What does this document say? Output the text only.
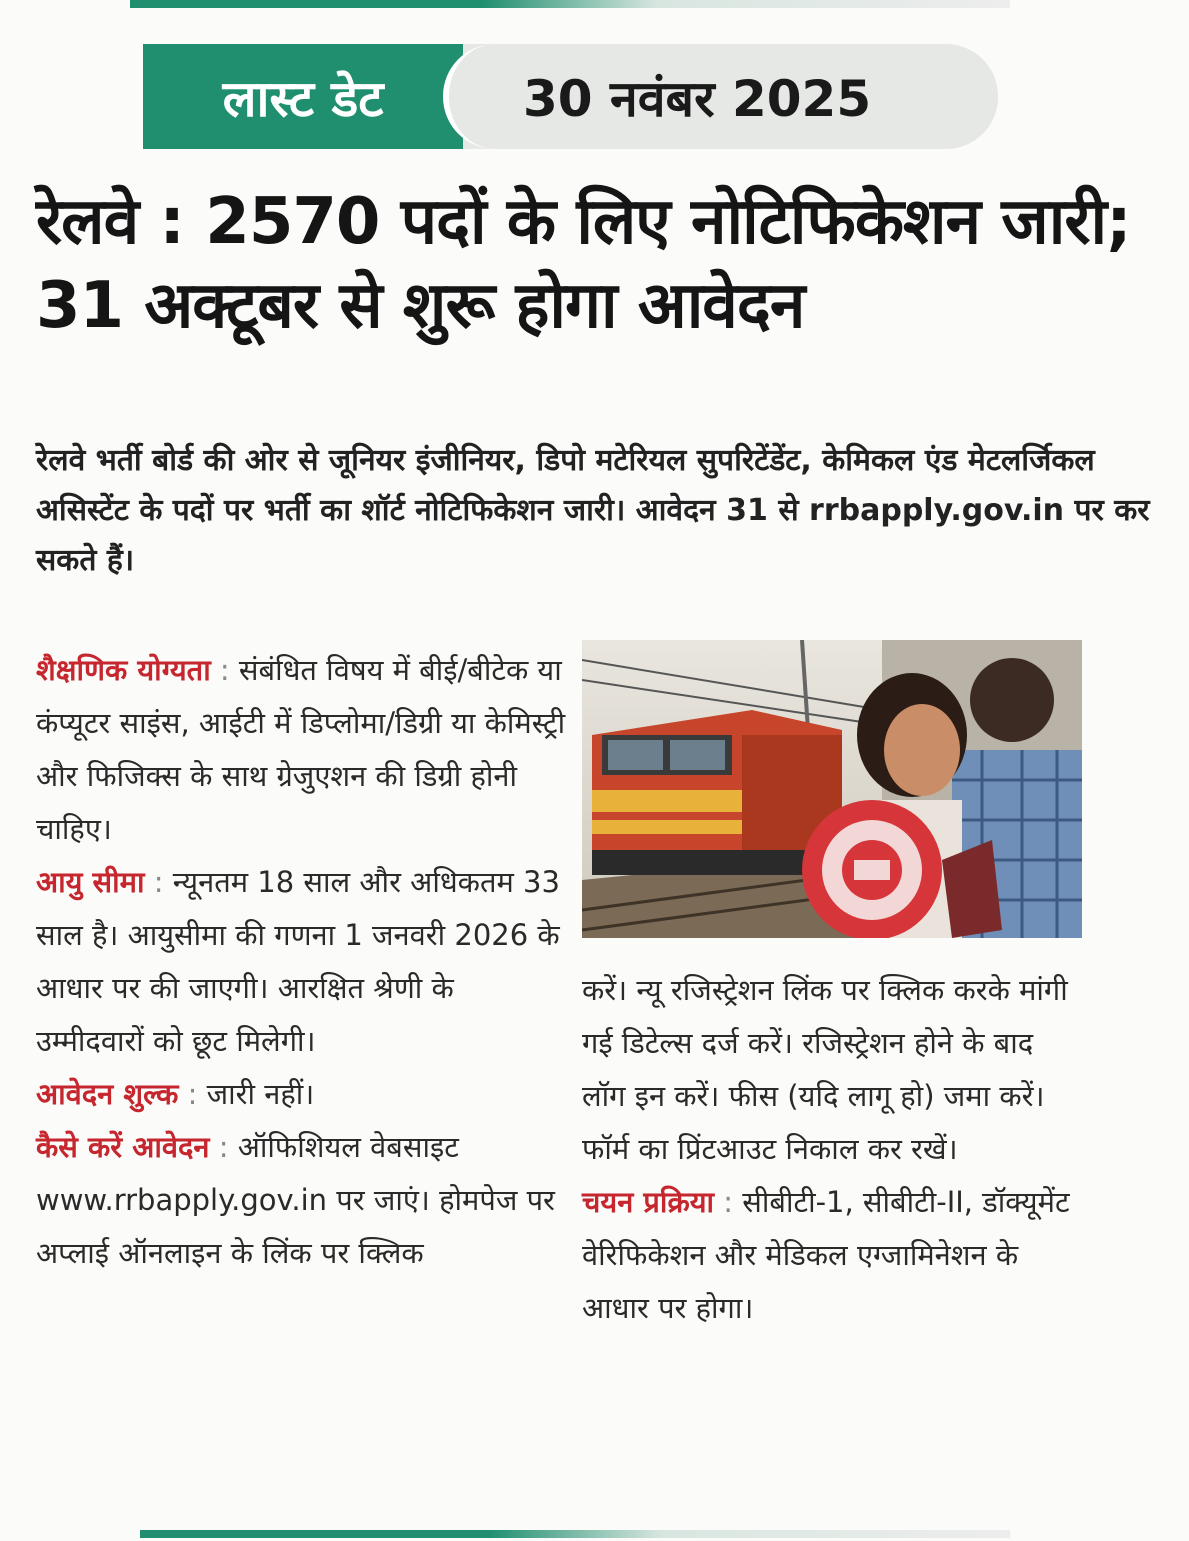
लास्ट डेट	30 नवंबर 2025
रेलवे : 2570 पदों के लिए नोटिफिकेशन जारी; 31 अक्टूबर से शुरू होगा आवेदन
रेलवे भर्ती बोर्ड की ओर से जूनियर इंजीनियर, डिपो मटेरियल सुपरिटेंडेंट, केमिकल एंड मेटलर्जिकल असिस्टेंट के पदों पर भर्ती का शॉर्ट नोटिफिकेशन जारी। आवेदन 31 से rrbapply.gov.in पर कर सकते हैं।

शैक्षणिक योग्यता : संबंधित विषय में बीई/बीटेक या कंप्यूटर साइंस, आईटी में डिप्लोमा/डिग्री या केमिस्ट्री और फिजिक्स के साथ ग्रेजुएशन की डिग्री होनी चाहिए।

आयु सीमा : न्यूनतम 18 साल और अधिकतम 33 साल है। आयुसीमा की गणना 1 जनवरी 2026 के आधार पर की जाएगी। आरक्षित श्रेणी के उम्मीदवारों को छूट मिलेगी।

आवेदन शुल्क : जारी नहीं।

कैसे करें आवेदन : ऑफिशियल वेबसाइट www.rrbapply.gov.in पर जाएं। होमपेज पर अप्लाई ऑनलाइन के लिंक पर क्लिक

करें। न्यू रजिस्ट्रेशन लिंक पर क्लिक करके मांगी गई डिटेल्स दर्ज करें। रजिस्ट्रेशन होने के बाद लॉग इन करें। फीस (यदि लागू हो) जमा करें। फॉर्म का प्रिंटआउट निकाल कर रखें।

चयन प्रक्रिया : सीबीटी-1, सीबीटी-II, डॉक्यूमेंट वेरिफिकेशन और मेडिकल एग्जामिनेशन के आधार पर होगा।
